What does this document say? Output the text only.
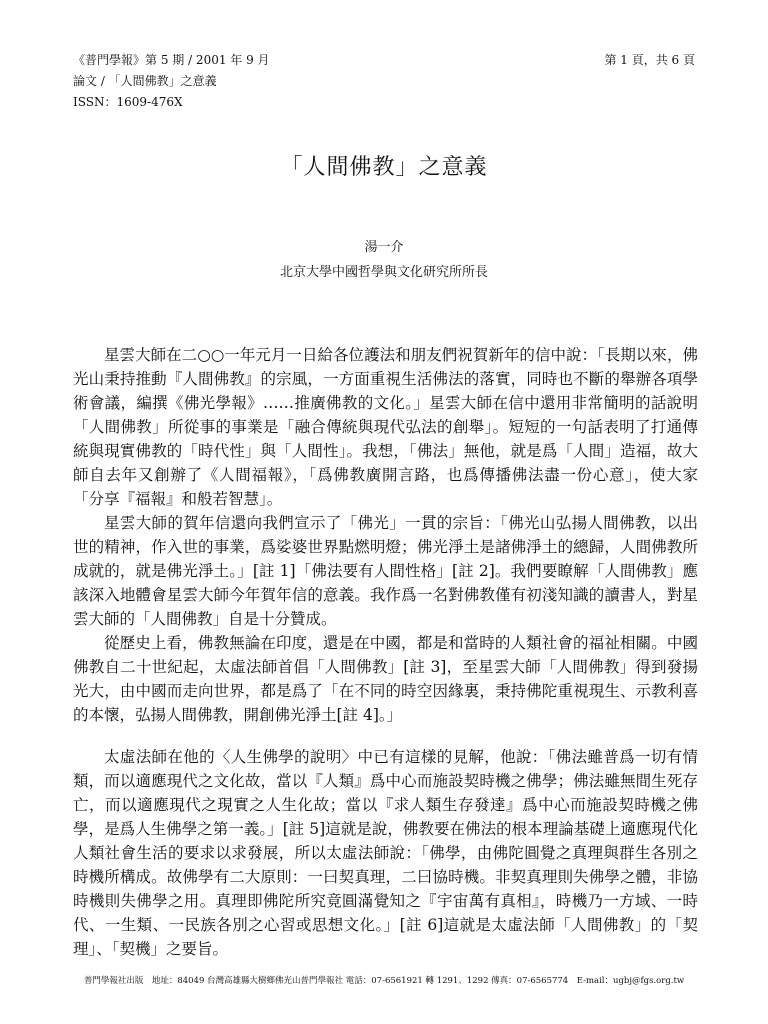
《普門學報》第 5 期 / 2001 年 9 月	第 1 頁，共 6 頁
論文 / 「人間佛教」之意義
ISSN：1609-476X
「人間佛教」之意義
湯一介
北京大學中國哲學與文化研究所所長

星雲大師在二○○一年元月一日給各位護法和朋友們祝賀新年的信中說：「長期以來，佛光山秉持推動『人間佛教』的宗風，一方面重視生活佛法的落實，同時也不斷的舉辦各項學術會議，編撰《佛光學報》……推廣佛教的文化。」星雲大師在信中還用非常簡明的話說明「人間佛教」所從事的事業是「融合傳統與現代弘法的創舉」。短短的一句話表明了打通傳統與現實佛教的「時代性」與「人間性」。我想，「佛法」無他，就是爲「人間」造福，故大師自去年又創辦了《人間福報》，「爲佛教廣開言路，也爲傳播佛法盡一份心意」，使大家「分享『福報』和般若智慧」。

星雲大師的賀年信還向我們宣示了「佛光」一貫的宗旨：「佛光山弘揚人間佛教，以出世的精神，作入世的事業，爲娑婆世界點燃明燈；佛光淨土是諸佛淨土的總歸，人間佛教所成就的，就是佛光淨土。」[註 1]「佛法要有人間性格」[註 2]。我們要瞭解「人間佛教」應該深入地體會星雲大師今年賀年信的意義。我作爲一名對佛教僅有初淺知識的讀書人，對星雲大師的「人間佛教」自是十分贊成。

從歷史上看，佛教無論在印度，還是在中國，都是和當時的人類社會的福祉相關。中國佛教自二十世紀起，太虛法師首倡「人間佛教」[註 3]，至星雲大師「人間佛教」得到發揚光大，由中國而走向世界，都是爲了「在不同的時空因緣裏，秉持佛陀重視現生、示教利喜的本懷，弘揚人間佛教，開創佛光淨土[註 4]。」

太虛法師在他的〈人生佛學的說明〉中已有這樣的見解，他說：「佛法雖普爲一切有情類，而以適應現代之文化故，當以『人類』爲中心而施設契時機之佛學；佛法雖無間生死存亡，而以適應現代之現實之人生化故；當以『求人類生存發達』爲中心而施設契時機之佛學，是爲人生佛學之第一義。」[註 5]這就是說，佛教要在佛法的根本理論基礎上適應現代化人類社會生活的要求以求發展，所以太虛法師說：「佛學，由佛陀圓覺之真理與群生各別之時機所構成。故佛學有二大原則：一曰契真理，二曰協時機。非契真理則失佛學之體，非協時機則失佛學之用。真理即佛陀所究竟圓滿覺知之『宇宙萬有真相』，時機乃一方域、一時代、一生類、一民族各別之心習或思想文化。」[註 6]這就是太虛法師「人間佛教」的「契理」、「契機」之要旨。

普門學報社出版　地址：84049 台灣高雄縣大樹鄉佛光山普門學報社 電話：07-6561921 轉 1291、1292 傳真：07-6565774　E-mail：ugbj@fgs.org.tw
